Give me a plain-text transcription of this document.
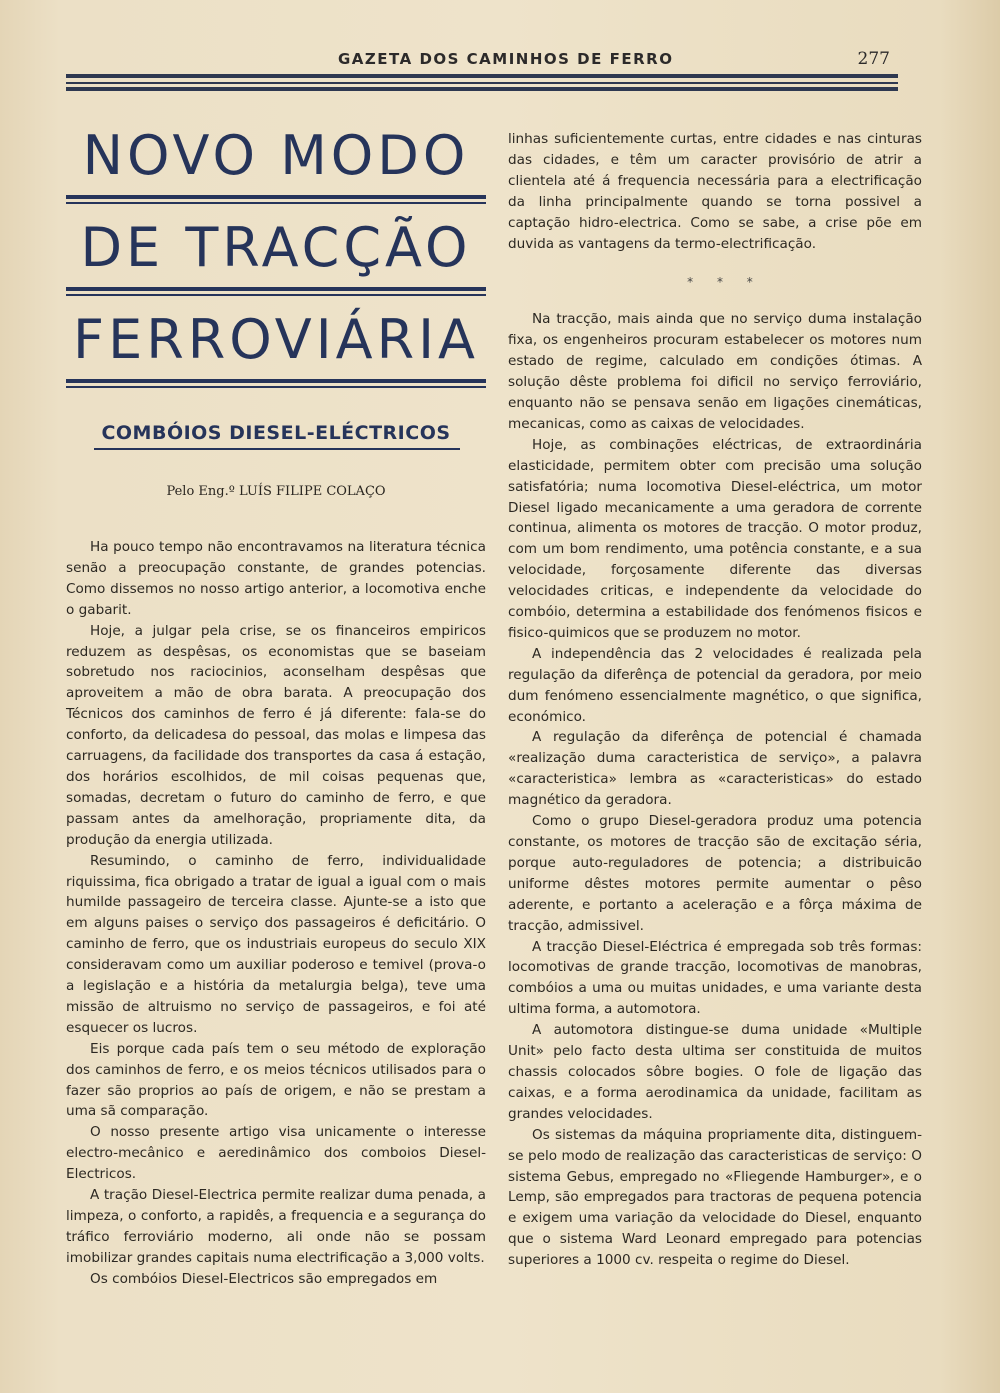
GAZETA DOS CAMINHOS DE FERRO	277
NOVO MODO
DE TRACÇÃO
FERROVIÁRIA
COMBÓIOS DIESEL-ELÉCTRICOS
Pelo Eng.º LUÍS FILIPE COLAÇO

Ha pouco tempo não encontravamos na literatura técnica senão a preocupação constante, de grandes potencias. Como dissemos no nosso artigo anterior, a locomotiva enche o gabarit.

Hoje, a julgar pela crise, se os financeiros empiricos reduzem as despêsas, os economistas que se baseiam sobretudo nos raciocinios, aconselham despêsas que aproveitem a mão de obra barata. A preocupação dos Técnicos dos caminhos de ferro é já diferente: fala-se do conforto, da delicadesa do pessoal, das molas e limpesa das carruagens, da facilidade dos transportes da casa á estação, dos horários escolhidos, de mil coisas pequenas que, somadas, decretam o futuro do caminho de ferro, e que passam antes da amelhoração, propriamente dita, da produção da energia utilizada.

Resumindo, o caminho de ferro, individualidade riquissima, fica obrigado a tratar de igual a igual com o mais humilde passageiro de terceira classe. Ajunte-se a isto que em alguns paises o serviço dos passageiros é deficitário. O caminho de ferro, que os industriais europeus do seculo XIX consideravam como um auxiliar poderoso e temivel (prova-o a legislação e a história da metalurgia belga), teve uma missão de altruismo no serviço de passageiros, e foi até esquecer os lucros.

Eis porque cada país tem o seu método de exploração dos caminhos de ferro, e os meios técnicos utilisados para o fazer são proprios ao país de origem, e não se prestam a uma sã comparação.

O nosso presente artigo visa unicamente o interesse electro-mecânico e aeredinâmico dos comboios Diesel-Electricos.

A tração Diesel-Electrica permite realizar duma penada, a limpeza, o conforto, a rapidês, a frequencia e a segurança do tráfico ferroviário moderno, ali onde não se possam imobilizar grandes capitais numa electrificação a 3,000 volts.

Os combóios Diesel-Electricos são empregados em

linhas suficientemente curtas, entre cidades e nas cinturas das cidades, e têm um caracter provisório de atrir a clientela até á frequencia necessária para a electrificação da linha principalmente quando se torna possivel a captação hidro-electrica. Como se sabe, a crise põe em duvida as vantagens da termo-electrificação.

* * *

Na tracção, mais ainda que no serviço duma instalação fixa, os engenheiros procuram estabelecer os motores num estado de regime, calculado em condições ótimas. A solução dêste problema foi dificil no serviço ferroviário, enquanto não se pensava senão em ligações cinemáticas, mecanicas, como as caixas de velocidades.

Hoje, as combinações eléctricas, de extraordinária elasticidade, permitem obter com precisão uma solução satisfatória; numa locomotiva Diesel-eléctrica, um motor Diesel ligado mecanicamente a uma geradora de corrente continua, alimenta os motores de tracção. O motor produz, com um bom rendimento, uma potência constante, e a sua velocidade, forçosamente diferente das diversas velocidades criticas, e independente da velocidade do combóio, determina a estabilidade dos fenómenos fisicos e fisico-quimicos que se produzem no motor.

A independência das 2 velocidades é realizada pela regulação da diferênça de potencial da geradora, por meio dum fenómeno essencialmente magnético, o que significa, económico.

A regulação da diferênça de potencial é chamada «realização duma caracteristica de serviço», a palavra «caracteristica» lembra as «caracteristicas» do estado magnético da geradora.

Como o grupo Diesel-geradora produz uma potencia constante, os motores de tracção são de excitação séria, porque auto-reguladores de potencia; a distribuicão uniforme dêstes motores permite aumentar o pêso aderente, e portanto a aceleração e a fôrça máxima de tracção, admissivel.

A tracção Diesel-Eléctrica é empregada sob três formas: locomotivas de grande tracção, locomotivas de manobras, combóios a uma ou muitas unidades, e uma variante desta ultima forma, a automotora.

A automotora distingue-se duma unidade «Multiple Unit» pelo facto desta ultima ser constituida de muitos chassis colocados sôbre bogies. O fole de ligação das caixas, e a forma aerodinamica da unidade, facilitam as grandes velocidades.

Os sistemas da máquina propriamente dita, distinguem-se pelo modo de realização das caracteristicas de serviço: O sistema Gebus, empregado no «Fliegende Hamburger», e o Lemp, são empregados para tractoras de pequena potencia e exigem uma variação da velocidade do Diesel, enquanto que o sistema Ward Leonard empregado para potencias superiores a 1000 cv. respeita o regime do Diesel.
